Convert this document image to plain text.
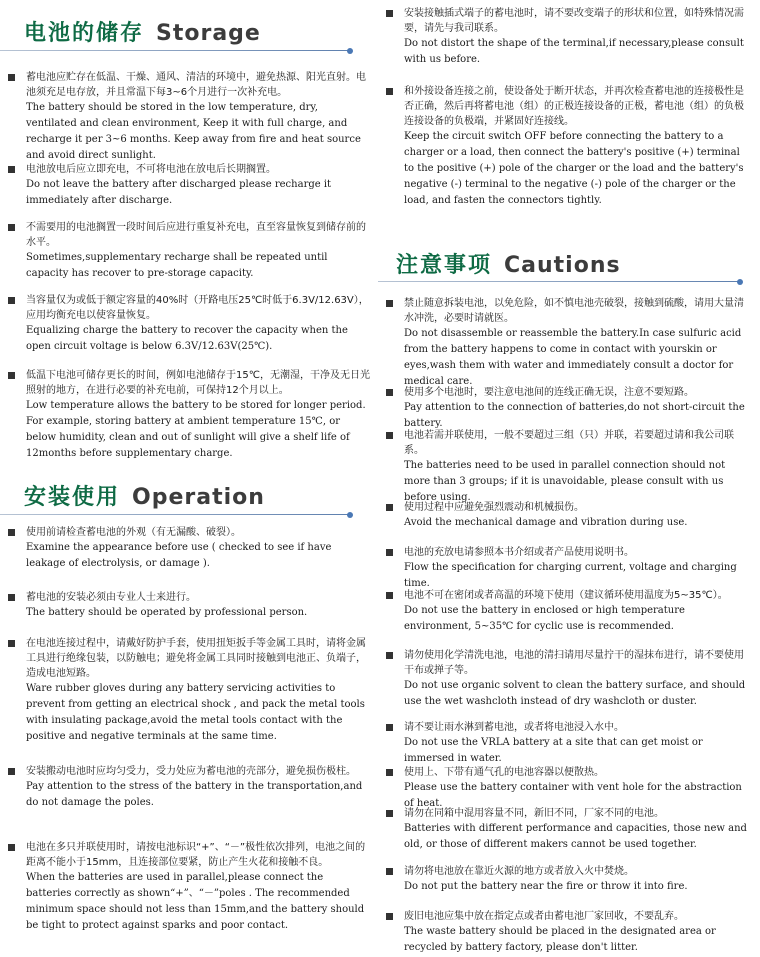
电池的储存 Storage
蓄电池应贮存在低温、干燥、通风、清洁的环境中，避免热源、阳光直射。电池须充足电存放，并且常温下每3~6个月进行一次补充电。
The battery should be stored in the low temperature, dry, ventilated and clean environment, Keep it with full charge, and recharge it per 3~6 months. Keep away from fire and heat source and avoid direct sunlight.
电池放电后应立即充电，不可将电池在放电后长期搁置。
Do not leave the battery after discharged please recharge it immediately after discharge.
不需要用的电池搁置一段时间后应进行重复补充电，直至容量恢复到储存前的水平。
Sometimes,supplementary recharge shall be repeated until capacity has recover to pre-storage capacity.
当容量仅为或低于额定容量的40%时（开路电压25℃时低于6.3V/12.63V），应用均衡充电以使容量恢复。
Equalizing charge the battery to recover the capacity when the open circuit voltage is below 6.3V/12.63V(25℃).
低温下电池可储存更长的时间，例如电池储存于15℃，无潮湿，干净及无日光照射的地方，在进行必要的补充电前，可保持12个月以上。
Low temperature allows the battery to be stored for longer period. For example, storing battery at ambient temperature 15℃, or below humidity, clean and out of sunlight will give a shelf life of 12months before supplementary charge.
安装使用 Operation
使用前请检查蓄电池的外观（有无漏酸、破裂）。
Examine the appearance before use ( checked to see if have leakage of electrolysis, or damage ).
蓄电池的安装必须由专业人士来进行。
The battery should be operated by professional person.
在电池连接过程中，请戴好防护手套，使用扭矩扳手等金属工具时，请将金属工具进行绝缘包装，以防触电；避免将金属工具同时接触到电池正、负端子，造成电池短路。
Ware rubber gloves during any battery servicing activities to prevent from getting an electrical shock , and pack the metal tools with insulating package,avoid the metal tools contact with the positive and negative terminals at the same time.
安装搬动电池时应均匀受力，受力处应为蓄电池的壳部分，避免损伤极柱。
Pay attention to the stress of the battery in the transportation,and do not damage the poles.
电池在多只并联使用时，请按电池标识“+”、“－”极性依次排列，电池之间的距离不能小于15mm，且连接部位要紧，防止产生火花和接触不良。
When the batteries are used in parallel,please connect the batteries correctly as shown“+”、“－”poles . The recommended minimum space should not less than 15mm,and the battery should be tight to protect against sparks and poor contact.
安装接触插式端子的蓄电池时，请不要改变端子的形状和位置，如特殊情况需要，请先与我司联系。
Do not distort the shape of the terminal,if necessary,please consult with us before.
和外接设备连接之前，使设备处于断开状态，并再次检查蓄电池的连接极性是否正确，然后再将蓄电池（组）的正极连接设备的正极，蓄电池（组）的负极连接设备的负极端，并紧固好连接线。
Keep the circuit switch OFF before connecting the battery to a charger or a load, then connect the battery's positive (+) terminal to the positive (+) pole of the charger or the load and the battery's negative (-) terminal to the negative (-) pole of the charger or the load, and fasten the connectors tightly.
注意事项 Cautions
禁止随意拆装电池，以免危险，如不慎电池壳破裂，接触到硫酸，请用大量清水冲洗，必要时请就医。
Do not disassemble or reassemble the battery.In case sulfuric acid from the battery happens to come in contact with yourskin or eyes,wash them with water and immediately consult a doctor for medical care.
使用多个电池时，要注意电池间的连线正确无误，注意不要短路。
Pay attention to the connection of batteries,do not short-circuit the battery.
电池若需并联使用，一般不要超过三组（只）并联，若要超过请和我公司联系。
The batteries need to be used in parallel connection should not more than 3 groups; if it is unavoidable, please consult with us before using.
使用过程中应避免强烈震动和机械损伤。
Avoid the mechanical damage and vibration during use.
电池的充放电请参照本书介绍或者产品使用说明书。
Flow the specification for charging current, voltage and charging time.
电池不可在密闭或者高温的环境下使用（建议循环使用温度为5~35℃）。
Do not use the battery in enclosed or high temperature environment, 5~35℃ for cyclic use is recommended.
请勿使用化学清洗电池，电池的清扫请用尽量拧干的湿抹布进行，请不要使用干布或掸子等。
Do not use organic solvent to clean the battery surface, and should use the wet washcloth instead of dry washcloth or duster.
请不要让雨水淋到蓄电池，或者将电池浸入水中。
Do not use the VRLA battery at a site that can get moist or immersed in water.
使用上、下带有通气孔的电池容器以便散热。
Please use the battery container with vent hole for the abstraction of heat.
请勿在同箱中混用容量不同，新旧不同，厂家不同的电池。
Batteries with different performance and capacities, those new and old, or those of different makers cannot be used together.
请勿将电池放在靠近火源的地方或者放入火中焚烧。
Do not put the battery near the fire or throw it into fire.
废旧电池应集中放在指定点或者由蓄电池厂家回收，不要乱弃。
The waste battery should be placed in the designated area or recycled by battery factory, please don't litter.
